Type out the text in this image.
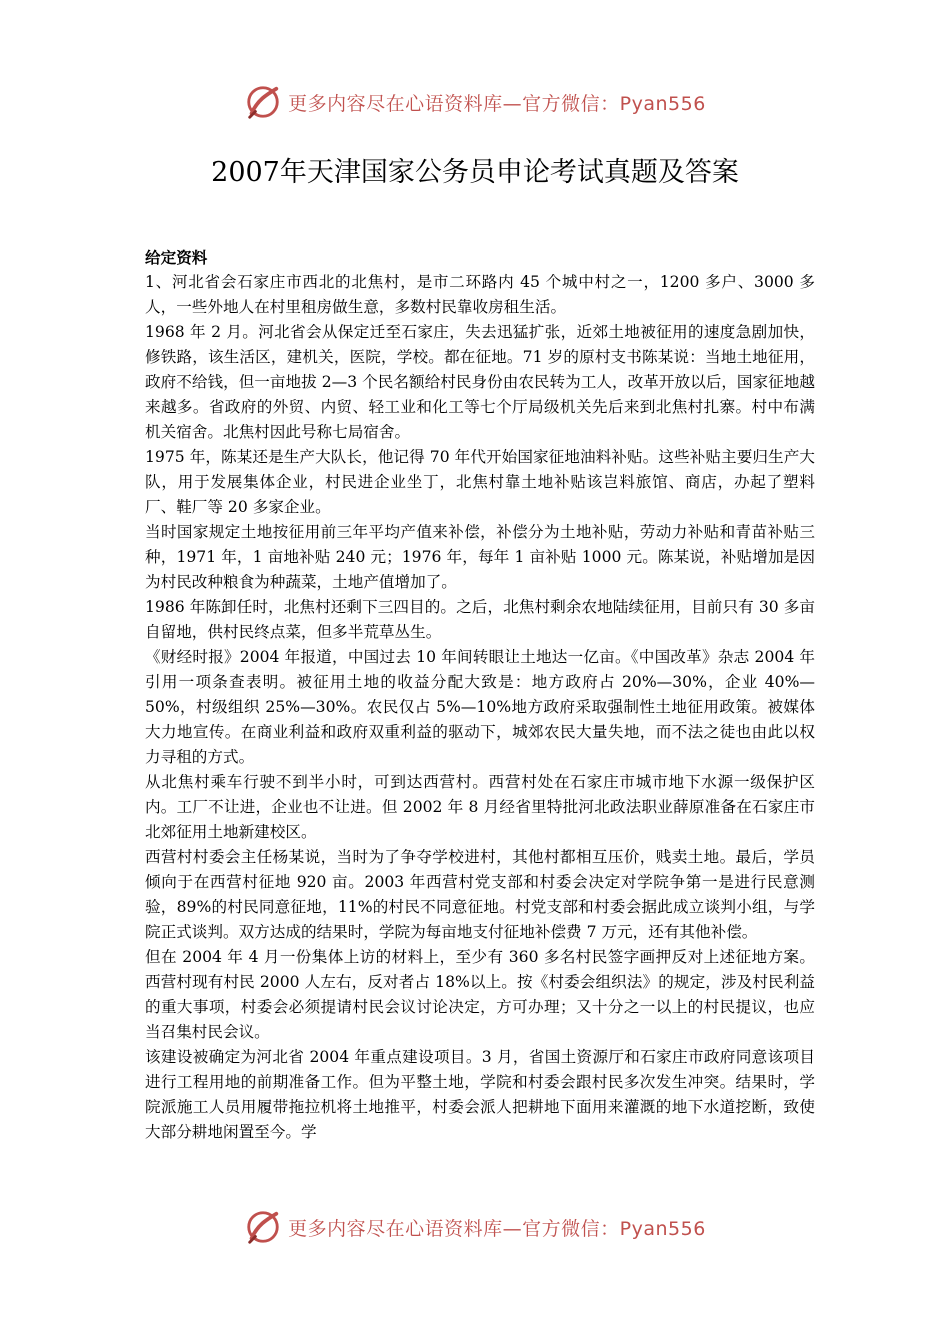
更多内容尽在心语资料库—官方微信：Pyan556
2007年天津国家公务员申论考试真题及答案

给定资料

1、河北省会石家庄市西北的北焦村，是市二环路内 45 个城中村之一，1200 多户、3000 多人，一些外地人在村里租房做生意，多数村民靠收房租生活。

1968 年 2 月。河北省会从保定迁至石家庄，失去迅猛扩张，近郊土地被征用的速度急剧加快，修铁路，该生活区，建机关，医院，学校。都在征地。71 岁的原村支书陈某说：当地土地征用，政府不给钱，但一亩地拔 2—3 个民名额给村民身份由农民转为工人，改革开放以后，国家征地越来越多。省政府的外贸、内贸、轻工业和化工等七个厅局级机关先后来到北焦村扎寨。村中布满机关宿舍。北焦村因此号称七局宿舍。

1975 年，陈某还是生产大队长，他记得 70 年代开始国家征地油料补贴。这些补贴主要归生产大队，用于发展集体企业，村民进企业坐丁，北焦村靠土地补贴该岂料旅馆、商店，办起了塑料厂、鞋厂等 20 多家企业。

当时国家规定土地按征用前三年平均产值来补偿，补偿分为土地补贴，劳动力补贴和青苗补贴三种，1971 年，1 亩地补贴 240 元；1976 年，每年 1 亩补贴 1000 元。陈某说，补贴增加是因为村民改种粮食为种蔬菜，土地产值增加了。

1986 年陈卸任时，北焦村还剩下三四目的。之后，北焦村剩余农地陆续征用，目前只有 30 多亩自留地，供村民终点菜，但多半荒草丛生。

《财经时报》2004 年报道，中国过去 10 年间转眼让土地达一亿亩。《中国改革》杂志 2004 年引用一项条查表明。被征用土地的收益分配大致是：地方政府占 20%—30%，企业 40%—50%，村级组织 25%—30%。农民仅占 5%—10%地方政府采取强制性土地征用政策。被媒体大力地宣传。在商业利益和政府双重利益的驱动下，城郊农民大量失地，而不法之徒也由此以权力寻租的方式。

从北焦村乘车行驶不到半小时，可到达西营村。西营村处在石家庄市城市地下水源一级保护区内。工厂不让进，企业也不让进。但 2002 年 8 月经省里特批河北政法职业薛原准备在石家庄市北郊征用土地新建校区。

西营村村委会主任杨某说，当时为了争夺学校进村，其他村都相互压价，贱卖土地。最后，学员倾向于在西营村征地 920 亩。2003 年西营村党支部和村委会决定对学院争第一是进行民意测验，89%的村民同意征地，11%的村民不同意征地。村党支部和村委会据此成立谈判小组，与学院正式谈判。双方达成的结果时，学院为每亩地支付征地补偿费 7 万元，还有其他补偿。

但在 2004 年 4 月一份集体上访的材料上，至少有 360 多名村民签字画押反对上述征地方案。西营村现有村民 2000 人左右，反对者占 18%以上。按《村委会组织法》的规定，涉及村民利益的重大事项，村委会必须提请村民会议讨论决定，方可办理；又十分之一以上的村民提议，也应当召集村民会议。

该建设被确定为河北省 2004 年重点建设项目。3 月，省国土资源厅和石家庄市政府同意该项目进行工程用地的前期准备工作。但为平整土地，学院和村委会跟村民多次发生冲突。结果时，学院派施工人员用履带拖拉机将土地推平，村委会派人把耕地下面用来灌溉的地下水道挖断，致使大部分耕地闲置至今。学

更多内容尽在心语资料库—官方微信：Pyan556
